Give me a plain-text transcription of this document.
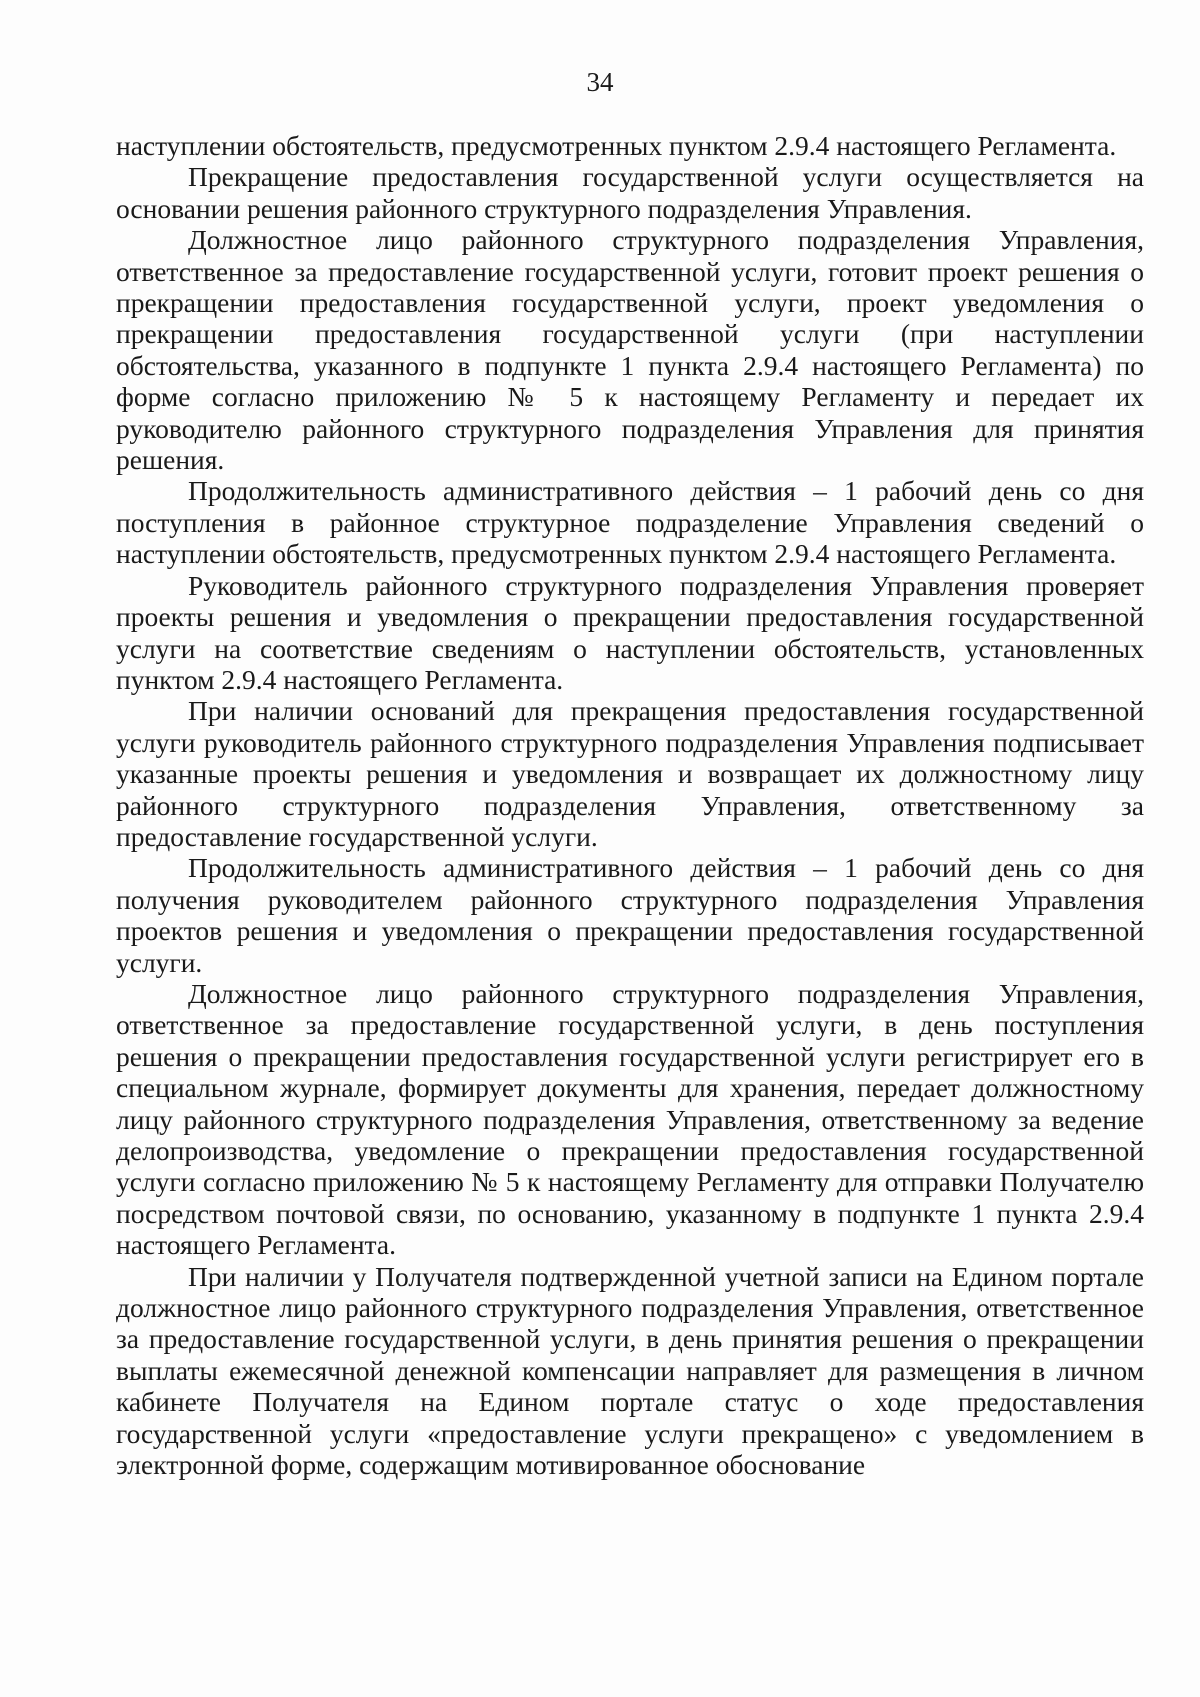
34

наступлении обстоятельств, предусмотренных пунктом 2.9.4 настоящего Регламента.

Прекращение предоставления государственной услуги осуществляется на основании решения районного структурного подразделения Управления.

Должностное лицо районного структурного подразделения Управления, ответственное за предоставление государственной услуги, готовит проект решения о прекращении предоставления государственной услуги, проект уведомления о прекращении предоставления государственной услуги (при наступлении обстоятельства, указанного в подпункте 1 пункта 2.9.4 настоящего Регламента) по форме согласно приложению № 5 к настоящему Регламенту и передает их руководителю районного структурного подразделения Управления для принятия решения.

Продолжительность административного действия – 1 рабочий день со дня поступления в районное структурное подразделение Управления сведений о наступлении обстоятельств, предусмотренных пунктом 2.9.4 настоящего Регламента.

Руководитель районного структурного подразделения Управления проверяет проекты решения и уведомления о прекращении предоставления государственной услуги на соответствие сведениям о наступлении обстоятельств, установленных пунктом 2.9.4 настоящего Регламента.

При наличии оснований для прекращения предоставления государственной услуги руководитель районного структурного подразделения Управления подписывает указанные проекты решения и уведомления и возвращает их должностному лицу районного структурного подразделения Управления, ответственному за предоставление государственной услуги.

Продолжительность административного действия – 1 рабочий день со дня получения руководителем районного структурного подразделения Управления проектов решения и уведомления о прекращении предоставления государственной услуги.

Должностное лицо районного структурного подразделения Управления, ответственное за предоставление государственной услуги, в день поступления решения о прекращении предоставления государственной услуги регистрирует его в специальном журнале, формирует документы для хранения, передает должностному лицу районного структурного подразделения Управления, ответственному за ведение делопроизводства, уведомление о прекращении предоставления государственной услуги согласно приложению № 5 к настоящему Регламенту для отправки Получателю посредством почтовой связи, по основанию, указанному в подпункте 1 пункта 2.9.4 настоящего Регламента.

При наличии у Получателя подтвержденной учетной записи на Едином портале должностное лицо районного структурного подразделения Управления, ответственное за предоставление государственной услуги, в день принятия решения о прекращении выплаты ежемесячной денежной компенсации направляет для размещения в личном кабинете Получателя на Едином портале статус о ходе предоставления государственной услуги «предоставление услуги прекращено» с уведомлением в электронной форме, содержащим мотивированное обоснование
